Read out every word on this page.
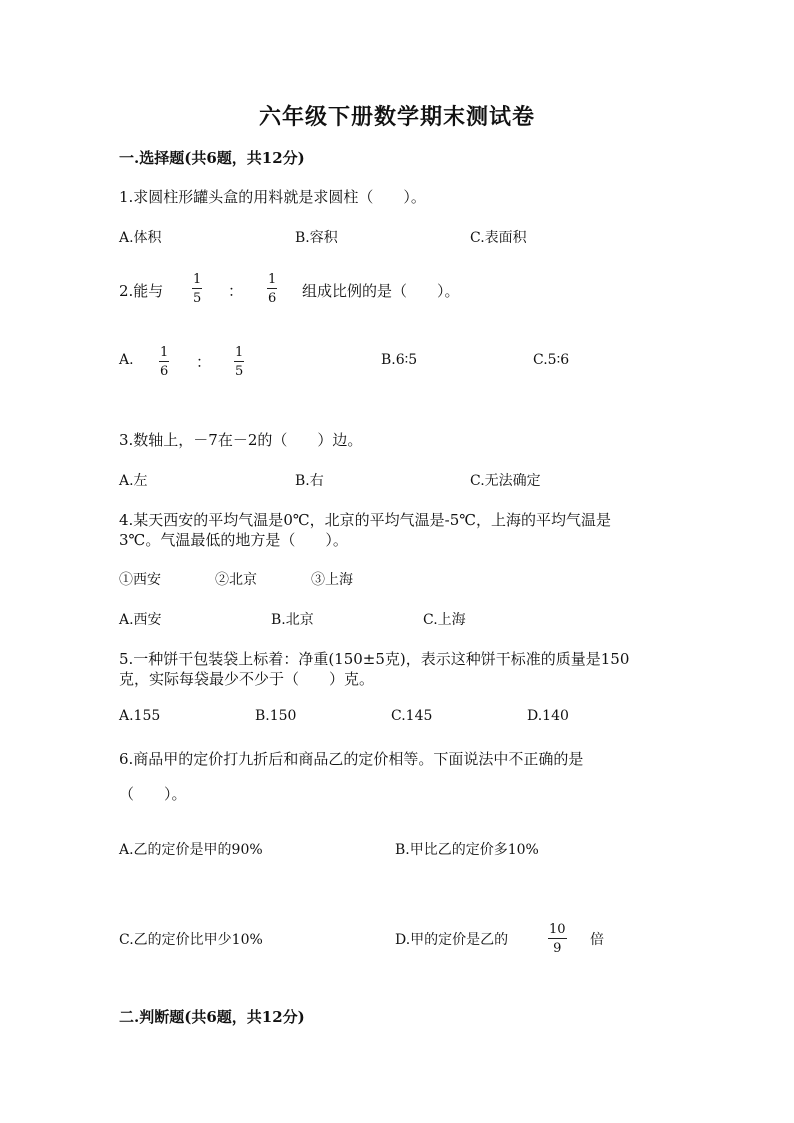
六年级下册数学期末测试卷
一.选择题(共6题，共12分)
1.求圆柱形罐头盒的用料就是求圆柱（　　）。
A.体积	B.容积	C.表面积
2.能与
1
5 ：
1
6 组成比例的是（　　）。
A. 1
6
：
1
5
B.6∶5	C.5∶6
3.数轴上，－7在－2的（　　）边。
A.左	B.右	C.无法确定
4.某天西安的平均气温是0℃，北京的平均气温是-5℃，上海的平均气温是
3℃。气温最低的地方是（　　）。
①西安	②北京	③上海
A.西安	B.北京	C.上海
5.一种饼干包装袋上标着：净重(150±5克)，表示这种饼干标准的质量是150
克，实际每袋最少不少于（　　）克。
A.155	B.150	C.145	D.140
6.商品甲的定价打九折后和商品乙的定价相等。下面说法中不正确的是
（　　）。
A.乙的定价是甲的90%	B.甲比乙的定价多10%
C.乙的定价比甲少10%	D.甲的定价是乙的
10
9
倍
二.判断题(共6题，共12分)
